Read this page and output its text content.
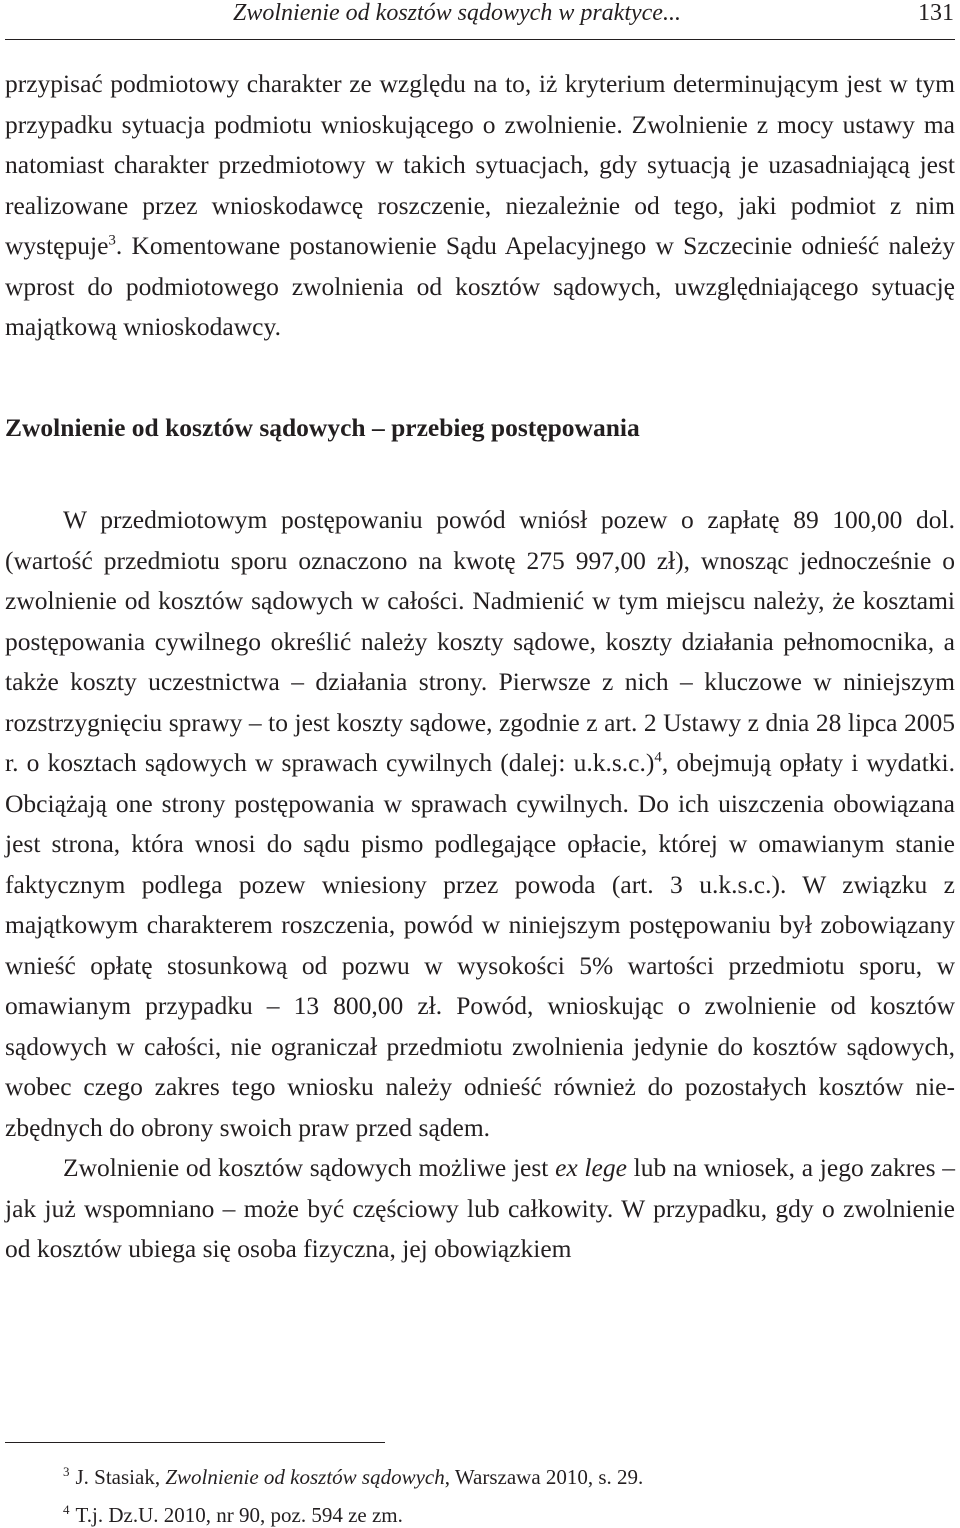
Zwolnienie od kosztów sądowych w praktyce...	131

przypisać podmiotowy charakter ze względu na to, iż kryterium determinującym jest w tym przypadku sytuacja podmiotu wnioskującego o zwolnienie. Zwolnienie z mocy ustawy ma natomiast charakter przedmiotowy w takich sytuacjach, gdy sytuacją je uzasadniającą jest realizowane przez wnioskodawcę roszczenie, niezależnie od tego, jaki podmiot z nim występuje$^3$. Komentowane postanowienie Sądu Apelacyjnego w Szczecinie odnieść należy wprost do podmiotowego zwolnienia od kosztów sądowych, uwzględniającego sytuację majątkową wnioskodawcy.

Zwolnienie od kosztów sądowych – przebieg postępowania

W przedmiotowym postępowaniu powód wniósł pozew o zapłatę 89 100,00 dol. (wartość przedmiotu sporu oznaczono na kwotę 275 997,00 zł), wnosząc jednocześnie o zwolnienie od kosztów sądowych w całości. Nadmienić w tym miejscu należy, że kosztami postępowania cywilnego określić należy koszty sądowe, koszty działania pełnomocnika, a także koszty uczestnictwa – działania strony. Pierwsze z nich – kluczowe w niniejszym rozstrzygnięciu sprawy – to jest koszty sądowe, zgodnie z art. 2 Ustawy z dnia 28 lipca 2005 r. o kosztach sądowych w sprawach cywilnych (dalej: u.k.s.c.)$^4$, obejmują opłaty i wydatki. Obciążają one strony postępowania w sprawach cywilnych. Do ich uiszczenia obowiązana jest strona, która wnosi do sądu pismo podlegające opłacie, której w omawianym stanie faktycznym podlega pozew wniesiony przez powoda (art. 3 u.k.s.c.). W związku z majątkowym charakterem roszczenia, powód w niniejszym postępowaniu był zobowiązany wnieść opłatę stosunkową od pozwu w wysokości 5% wartości przedmiotu sporu, w omawianym przypadku – 13 800,00 zł. Powód, wnioskując o zwolnienie od kosztów sądowych w całości, nie ograniczał przedmiotu zwolnienia jedynie do kosztów sądowych, wobec czego zakres tego wniosku należy odnieść również do pozostałych kosztów niezbędnych do obrony swoich praw przed sądem.

Zwolnienie od kosztów sądowych możliwe jest ex lege lub na wniosek, a jego zakres – jak już wspomniano – może być częściowy lub całkowity. W przypadku, gdy o zwolnienie od kosztów ubiega się osoba fizyczna, jej obowiązkiem

$^3$ J. Stasiak, Zwolnienie od kosztów sądowych, Warszawa 2010, s. 29.
$^4$ T.j. Dz.U. 2010, nr 90, poz. 594 ze zm.
